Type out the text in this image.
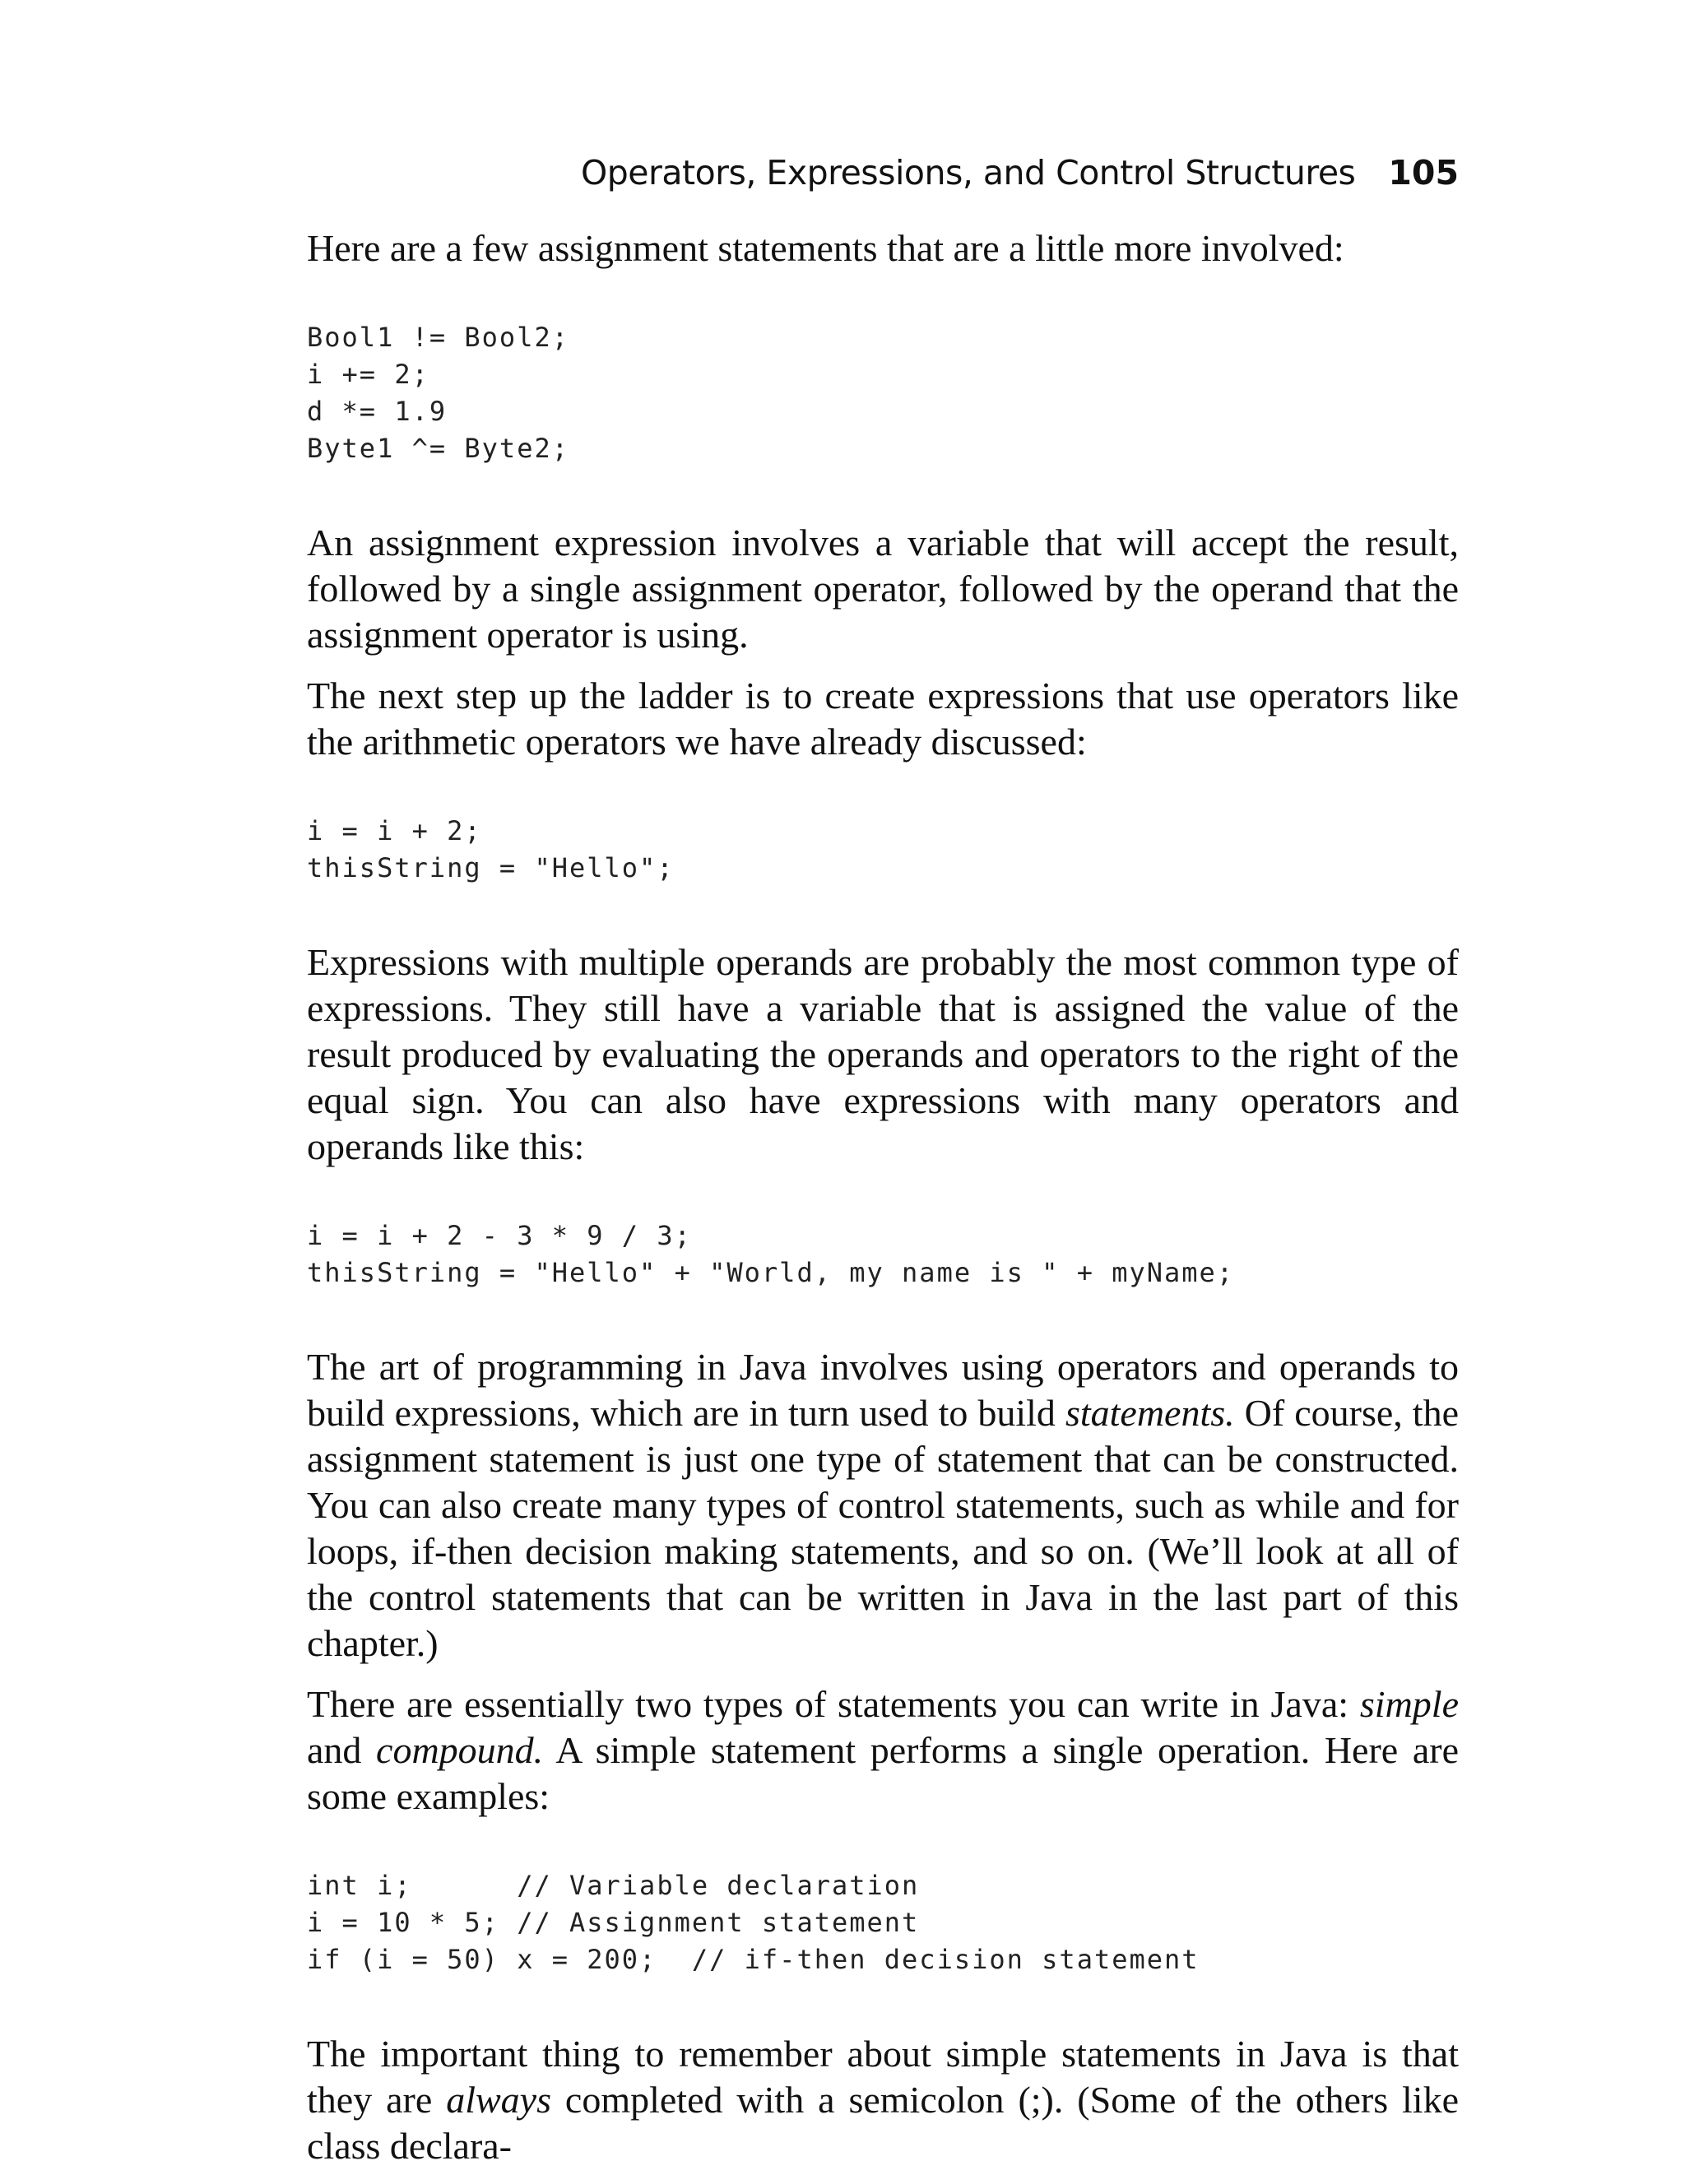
Operators, Expressions, and Control Structures 105

Here are a few assignment statements that are a little more involved:

Bool1 != Bool2;
i += 2;
d *= 1.9
Byte1 ^= Byte2;

An assignment expression involves a variable that will accept the result, followed by a single assignment operator, followed by the operand that the assignment operator is using.

The next step up the ladder is to create expressions that use operators like the arithmetic operators we have already discussed:

i = i + 2;
thisString = "Hello";

Expressions with multiple operands are probably the most common type of expressions. They still have a variable that is assigned the value of the result produced by evaluating the operands and operators to the right of the equal sign. You can also have expressions with many operators and operands like this:

i = i + 2 - 3 * 9 / 3;
thisString = "Hello" + "World, my name is " + myName;

The art of programming in Java involves using operators and operands to build expressions, which are in turn used to build statements. Of course, the assignment statement is just one type of statement that can be constructed. You can also create many types of control statements, such as while and for loops, if-then decision making statements, and so on. (We’ll look at all of the control statements that can be written in Java in the last part of this chapter.)

There are essentially two types of statements you can write in Java: simple and compound. A simple statement performs a single operation. Here are some examples:

int i;      // Variable declaration
i = 10 * 5; // Assignment statement
if (i = 50) x = 200;  // if-then decision statement

The important thing to remember about simple statements in Java is that they are always completed with a semicolon (;). (Some of the others like class declara-
